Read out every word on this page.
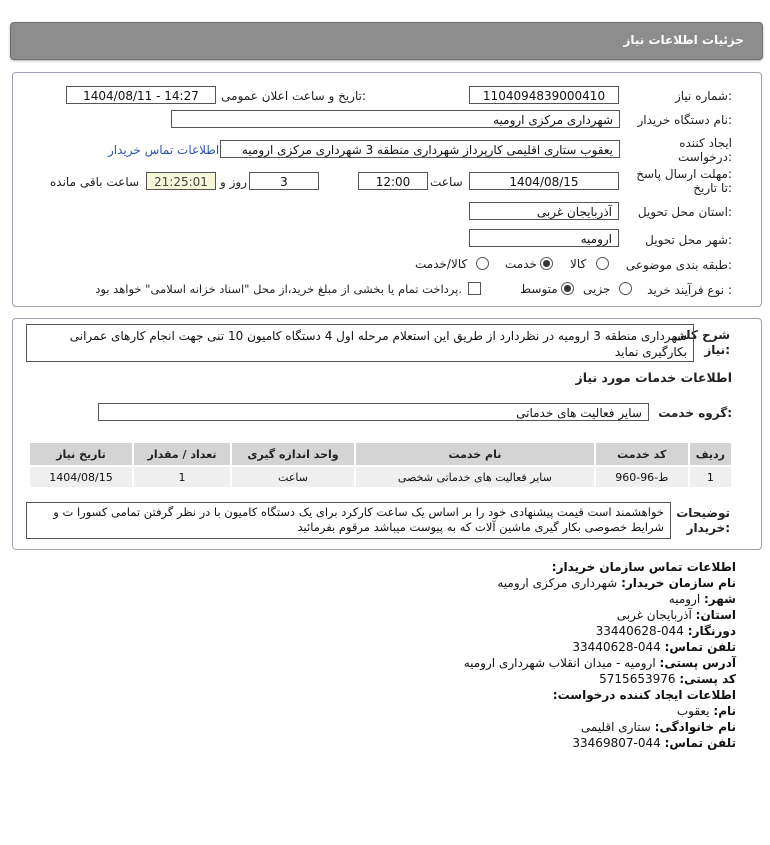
جزئیات اطلاعات نیاز
شماره نیاز:
1104094839000410
تاریخ و ساعت اعلان عمومی:
1404/08/11 - 14:27
نام دستگاه خریدار:
شهرداری مرکزی ارومیه
ایجاد کننده
درخواست:
یعقوب ستاری اقلیمی کارپرداز شهرداری منطقه 3 شهرداری مرکزی ارومیه
اطلاعات تماس خریدار
مهلت ارسال پاسخ:
تا تاریخ:
1404/08/15
ساعت
12:00
3
روز و
21:25:01
ساعت باقی مانده
استان محل تحویل:
آذربایجان غربی
شهر محل تحویل:
ارومیه
طبقه بندی موضوعی:
کالا
خدمت
کالا/خدمت
نوع فرآیند خرید :
جزیی
متوسط
پرداخت تمام یا بخشی از مبلغ خرید،از محل "اسناد خزانه اسلامی" خواهد بود.
شرح کلی
نیاز:
شهرداری منطقه 3 ارومیه در نظردارد از طریق این استعلام مرحله اول 4 دستگاه کامیون 10 تنی جهت انجام کارهای عمرانی بکارگیری نماید
اطلاعات خدمات مورد نیاز
گروه خدمت:
سایر فعالیت های خدماتی
ردیف	کد خدمت	نام خدمت	واحد اندازه گیری	تعداد / مقدار	تاریخ نیاز
1	ط-96-960	سایر فعالیت های خدماتی شخصی	ساعت	1	1404/08/15
توضیحات
خریدار:
خواهشمند است قیمت پیشنهادی خود را بر اساس یک ساعت کارکرد برای یک دستگاه کامیون با در نظر گرفتن تمامی کسورا ت و شرایط خصوصی بکار گیری ماشین آلات که به پیوست میباشد مرقوم بفرمائید
اطلاعات تماس سازمان خریدار:
نام سازمان خریدار: شهرداری مرکزی ارومیه
شهر: ارومیه
استان: آذربایجان غربی
دورنگار: 044-33440628
تلفن تماس: 044-33440628
آدرس پستی: ارومیه - میدان انقلاب شهرداری ارومیه
کد پستی: 5715653976
اطلاعات ایجاد کننده درخواست:
نام: یعقوب
نام خانوادگی: ستاری اقلیمی
تلفن تماس: 044-33469807
